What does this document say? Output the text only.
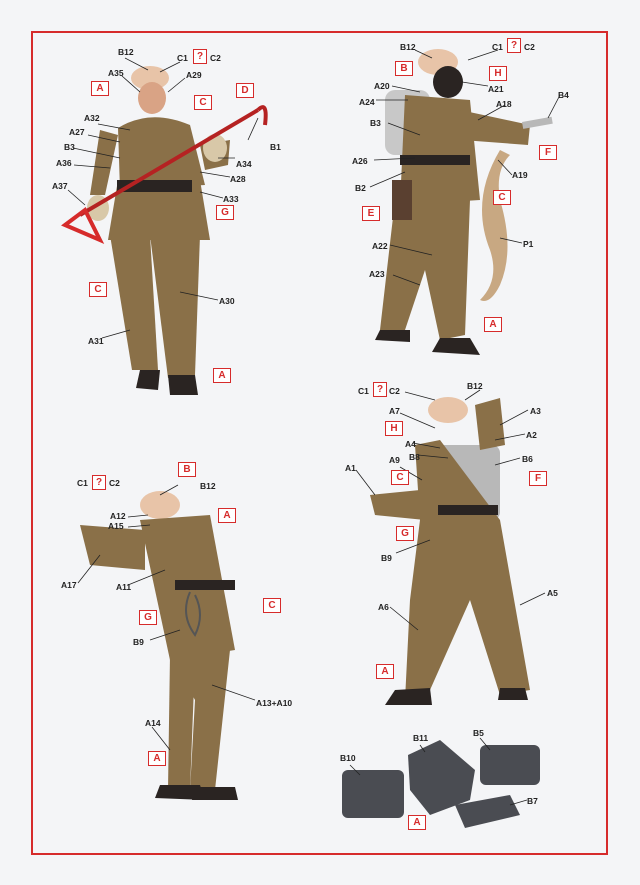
B12
C1 ? C2
A35	A29
A
C
D
A32
A27
B3	B1
A36	A34
A28
A37
A33
G
C
A30
A31
A
B12	C1 ? C2
B	H
A20	A21
B4
A24	A18
B3
F
A26
A19
B2
C
E
P1
A22
A23
A
B
C1 ? C2	B12
A12	A
A15
A17	A11
C
G
B9
A13+A10
A14
A
C1 ? C2	B12
A7	A3
H
A2
A4
B8
A9	B6
A1
C	F
G
B9
A5
A6
A
B10
B11	B5
B7
A
